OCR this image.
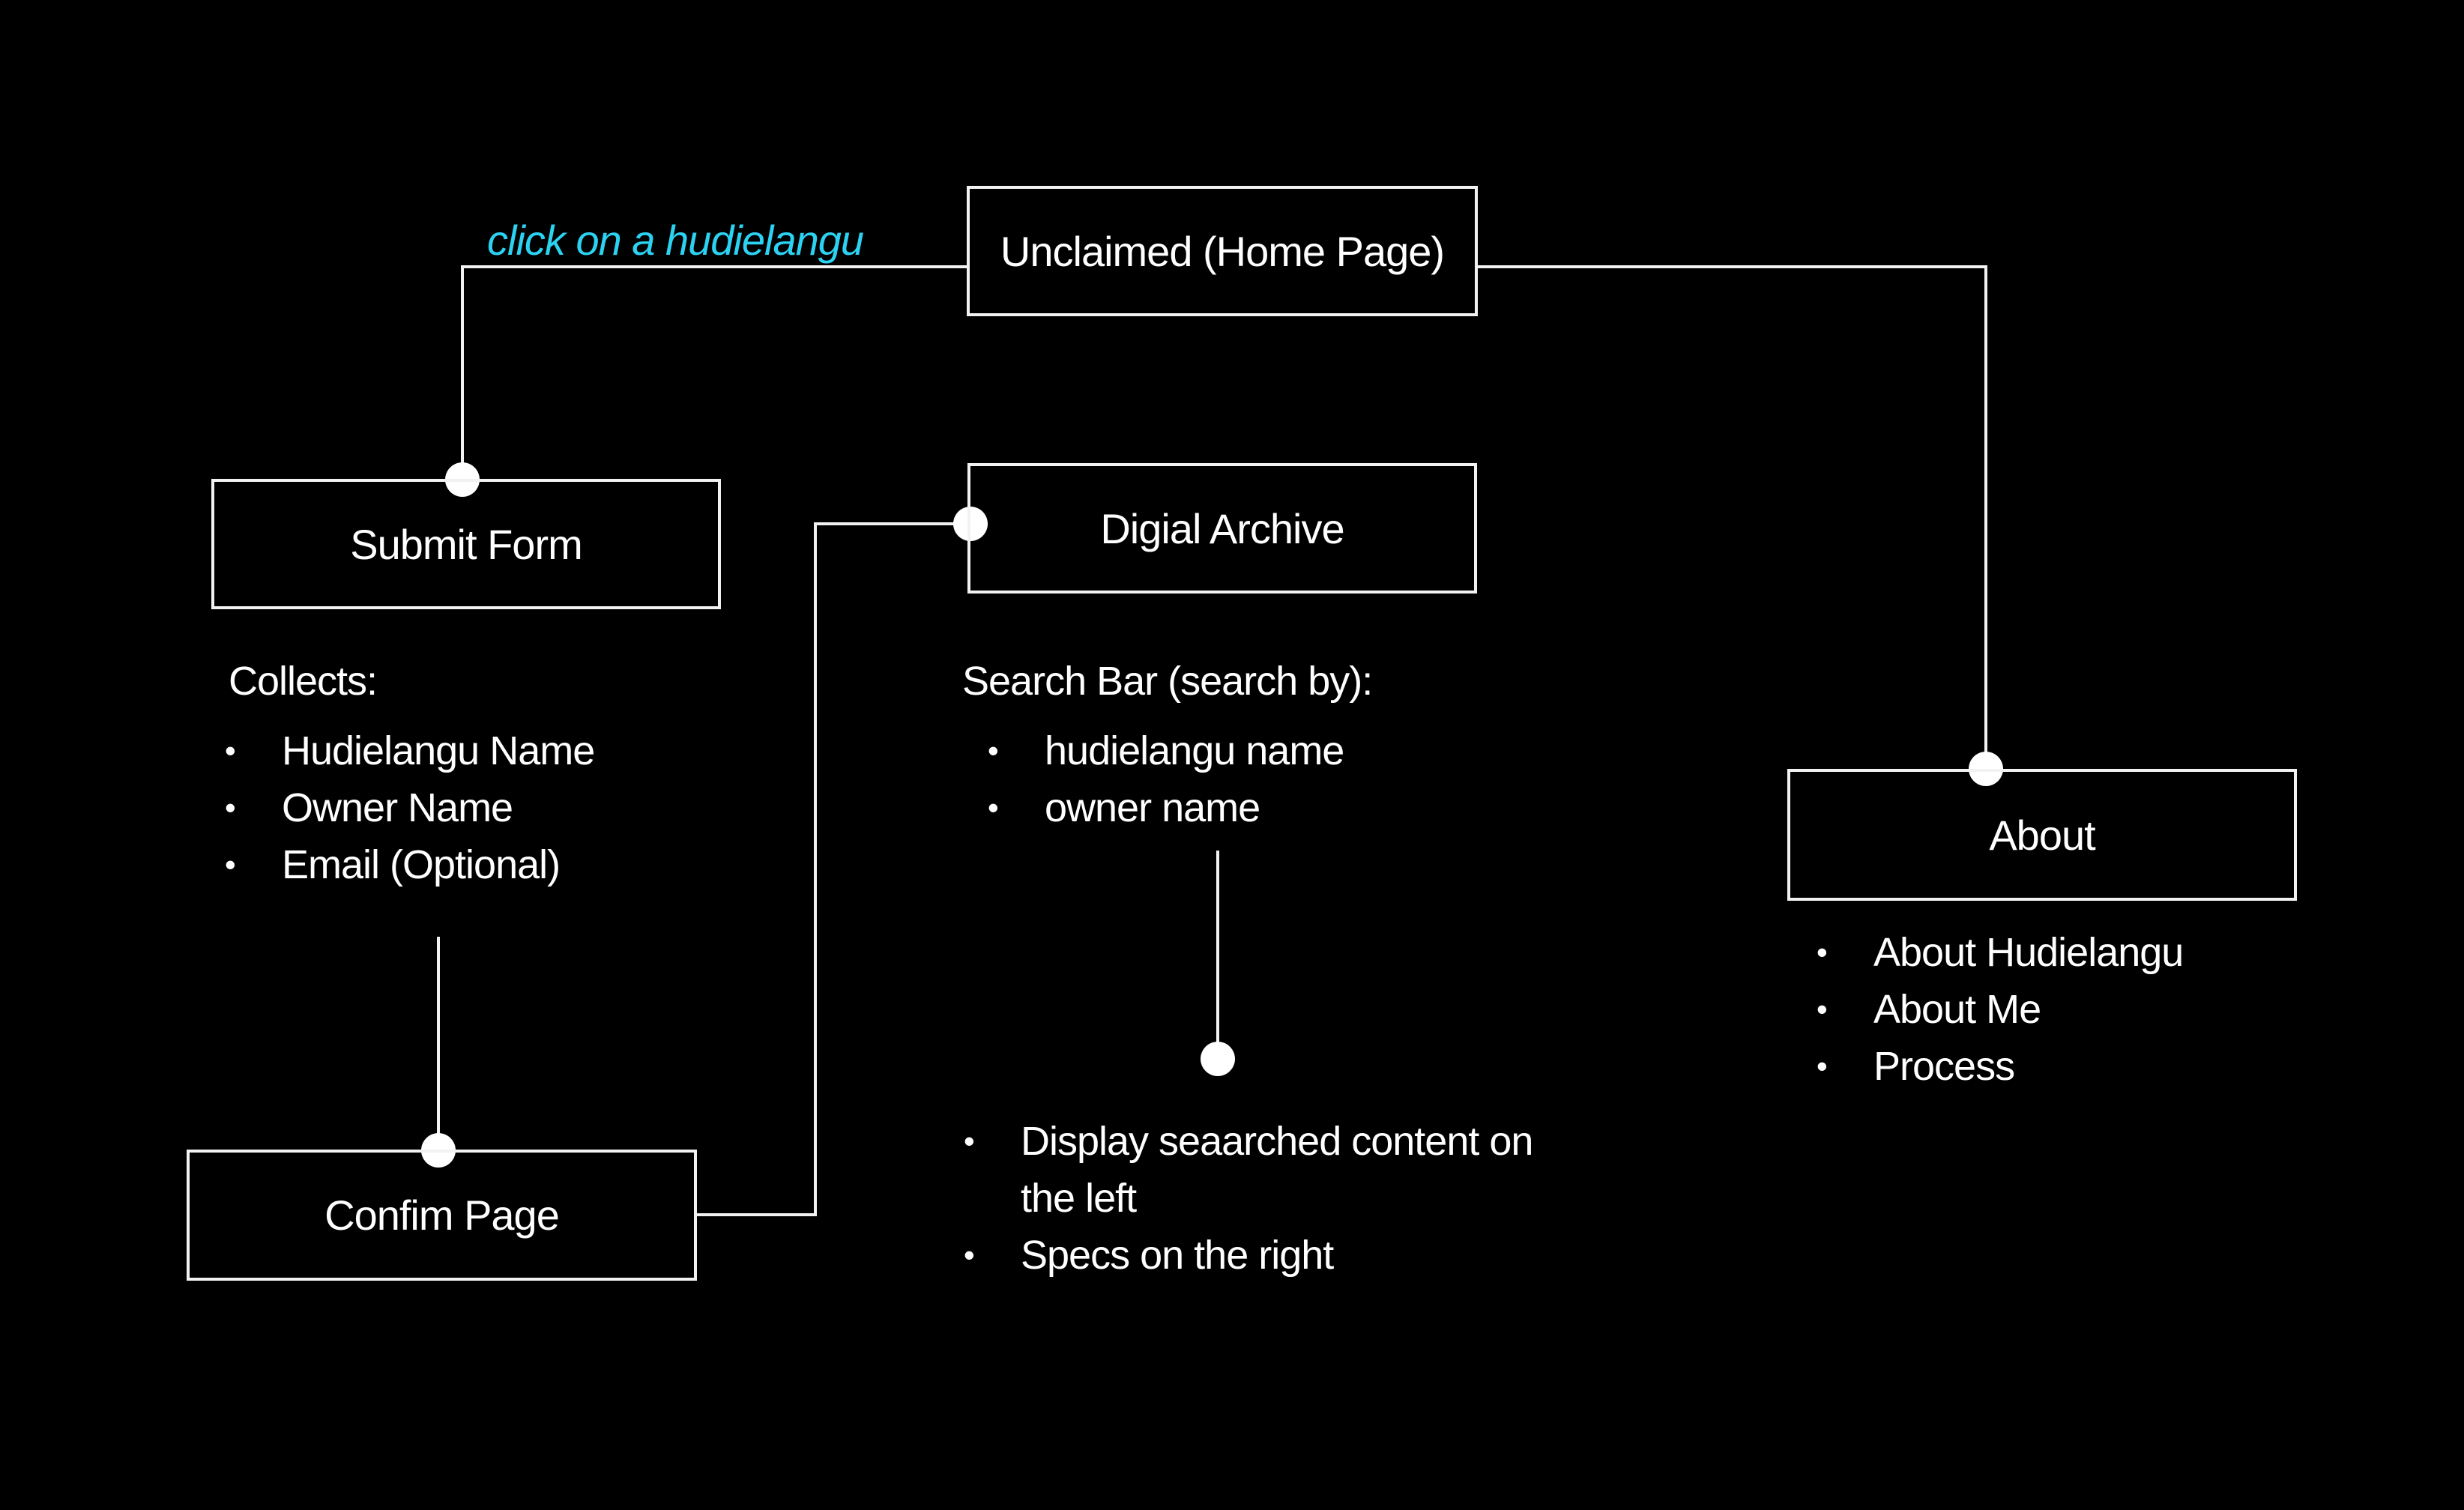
click on a hudielangu	Unclaimed (Home Page)
Submit Form	Digial Archive
About
Confim Page
Collects:
•	Hudielangu Name
•	Owner Name
•	Email (Optional)
Search Bar (search by):
•	hudielangu name
•	owner name
•	About Hudielangu
•	About Me
•	Process
•	Display seaarched content on the left
•	Specs on the right
